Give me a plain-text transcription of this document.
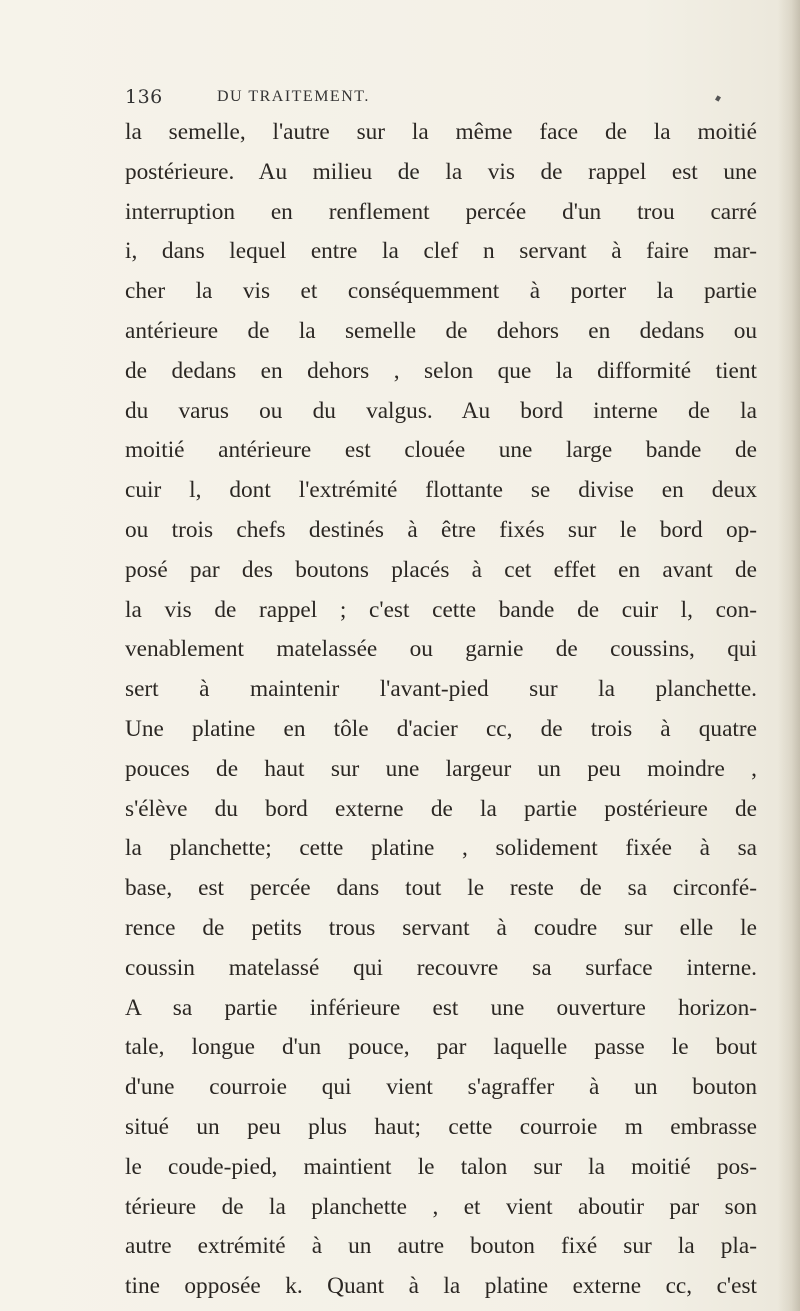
136	DU TRAITEMENT.
la semelle, l'autre sur la même face de la moitié
postérieure. Au milieu de la vis de rappel est une
interruption en renflement percée d'un trou carré
i, dans lequel entre la clef n servant à faire mar-
cher la vis et conséquemment à porter la partie
antérieure de la semelle de dehors en dedans ou
de dedans en dehors , selon que la difformité tient
du varus ou du valgus. Au bord interne de la
moitié antérieure est clouée une large bande de
cuir l, dont l'extrémité flottante se divise en deux
ou trois chefs destinés à être fixés sur le bord op-
posé par des boutons placés à cet effet en avant de
la vis de rappel ; c'est cette bande de cuir l, con-
venablement matelassée ou garnie de coussins, qui
sert à maintenir l'avant-pied sur la planchette.
Une platine en tôle d'acier cc, de trois à quatre
pouces de haut sur une largeur un peu moindre ,
s'élève du bord externe de la partie postérieure de
la planchette; cette platine , solidement fixée à sa
base, est percée dans tout le reste de sa circonfé-
rence de petits trous servant à coudre sur elle le
coussin matelassé qui recouvre sa surface interne.
A sa partie inférieure est une ouverture horizon-
tale, longue d'un pouce, par laquelle passe le bout
d'une courroie qui vient s'agraffer à un bouton
situé un peu plus haut; cette courroie m embrasse
le coude-pied, maintient le talon sur la moitié pos-
térieure de la planchette , et vient aboutir par son
autre extrémité à un autre bouton fixé sur la pla-
tine opposée k. Quant à la platine externe cc, c'est
